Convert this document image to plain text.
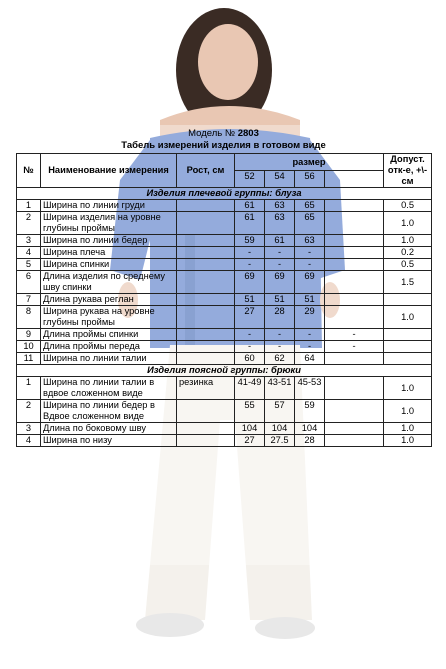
Модель № 2803
Табель измерений изделия в готовом виде
№	Наименование измерения	Рост, см	размер				Допуст. отк-е, +\-см
			52	54	56		
Изделия плечевой группы: блуза							
1	Ширина по линии груди		61	63	65		0.5
2	Ширина изделия на уровне глубины проймы		61	63	65		1.0
3	Ширина по линии бедер		59	61	63		1.0
4	Ширина плеча		-	-	-		0.2
5	Ширина спинки		-	-	-		0.5
6	Длина изделия по среднему шву спинки		69	69	69		1.5
7	Длина рукава реглан		51	51	51		
8	Ширина рукава на уровне глубины проймы		27	28	29		1.0
9	Длина проймы спинки		-	-	-	-	
10	Длина проймы переда		-	-	-	-	
11	Ширина по линии талии		60	62	64		
Изделия поясной группы: брюки							
1	Ширина по линии талии в вдвое сложенном виде	резинка	41-49	43-51	45-53		1.0
2	Ширина по линии бедер в Вдвое сложенном виде		55	57	59		1.0
3	Длина по боковому шву		104	104	104		1.0
4	Ширина по низу		27	27.5	28		1.0
